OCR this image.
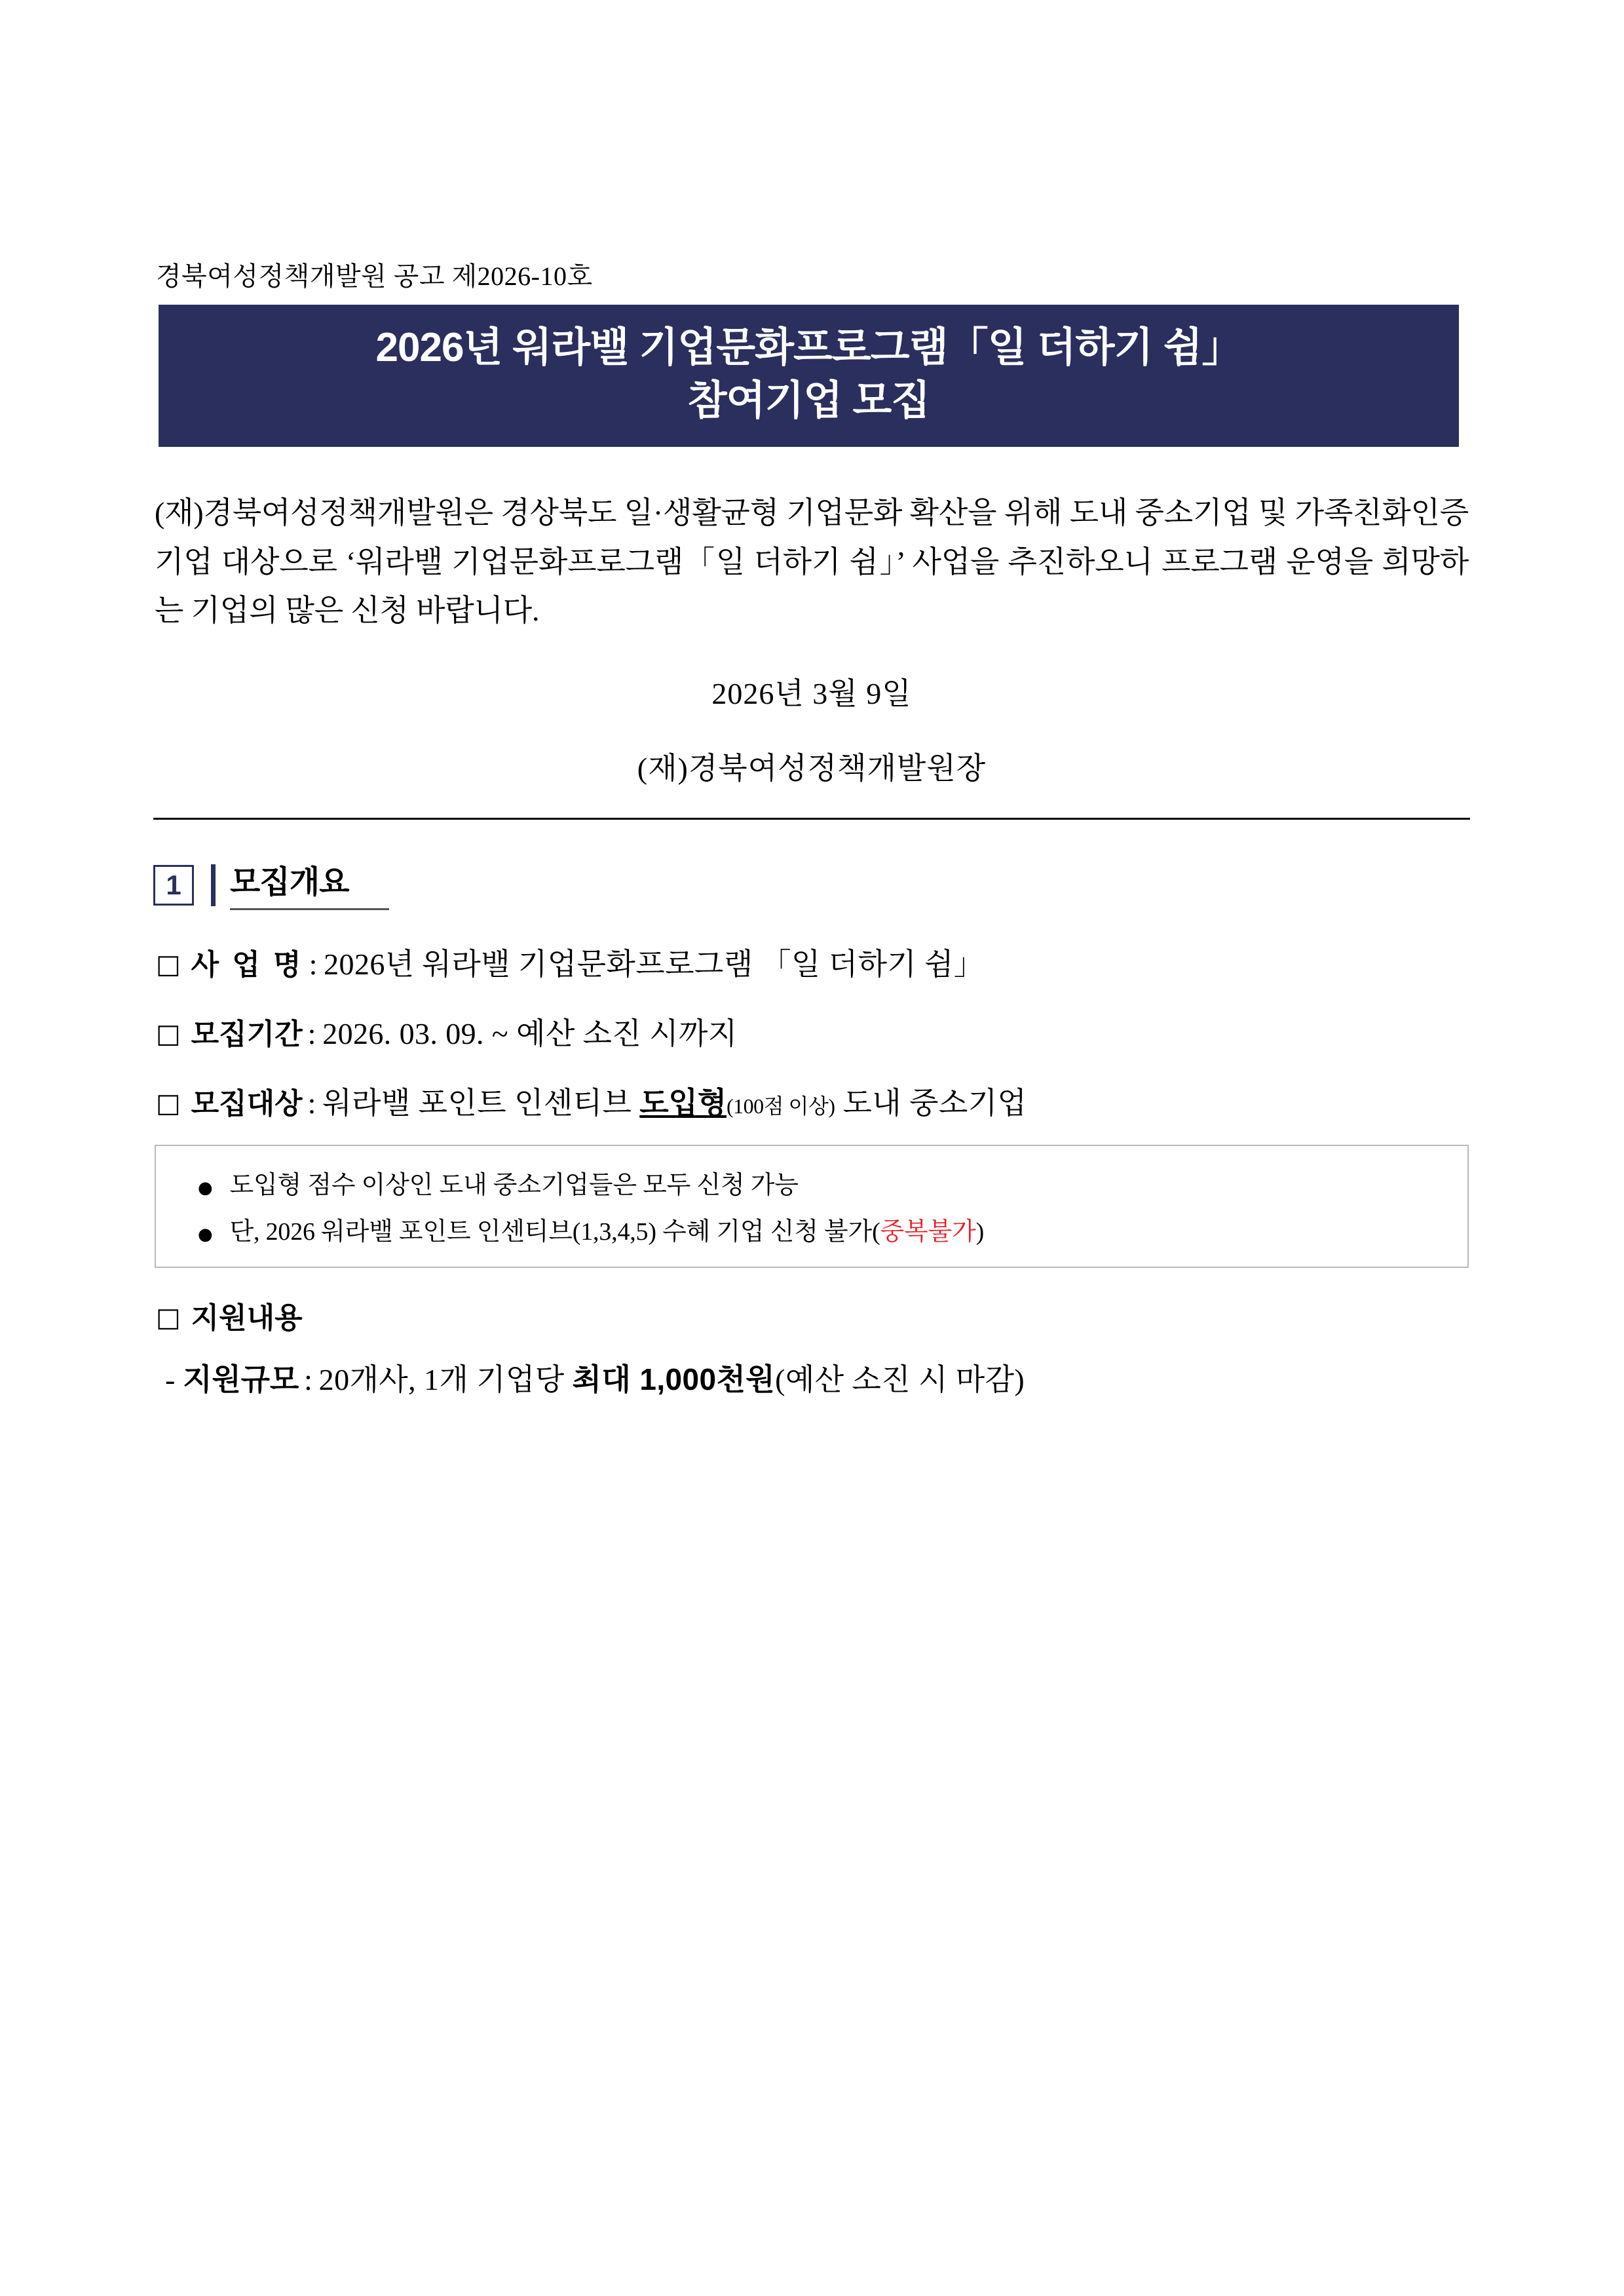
경북여성정책개발원 공고 제2026-10호
2026년 워라밸 기업문화프로그램「일 더하기 쉼」
참여기업 모집

(재)경북여성정책개발원은 경상북도 일·생활균형 기업문화 확산을 위해 도내 중소기업 및 가족친화인증기업 대상으로 ‘워라밸 기업문화프로그램「일 더하기 쉼」’ 사업을 추진하오니 프로그램 운영을 희망하는 기업의 많은 신청 바랍니다.

2026년 3월 9일
(재)경북여성정책개발원장
1	모집개요
□ 사 업 명 : 2026년 워라밸 기업문화프로그램 「일 더하기 쉼」
□ 모집기간 : 2026. 03. 09. ~ 예산 소진 시까지
□ 모집대상 : 워라밸 포인트 인센티브 도입형(100점 이상) 도내 중소기업
● 도입형 점수 이상인 도내 중소기업들은 모두 신청 가능
● 단, 2026 워라밸 포인트 인센티브(1,3,4,5) 수혜 기업 신청 불가( 중복불가 )
□ 지원내용
- 지원규모 : 20개사, 1개 기업당 최대 1,000천원(예산 소진 시 마감)
